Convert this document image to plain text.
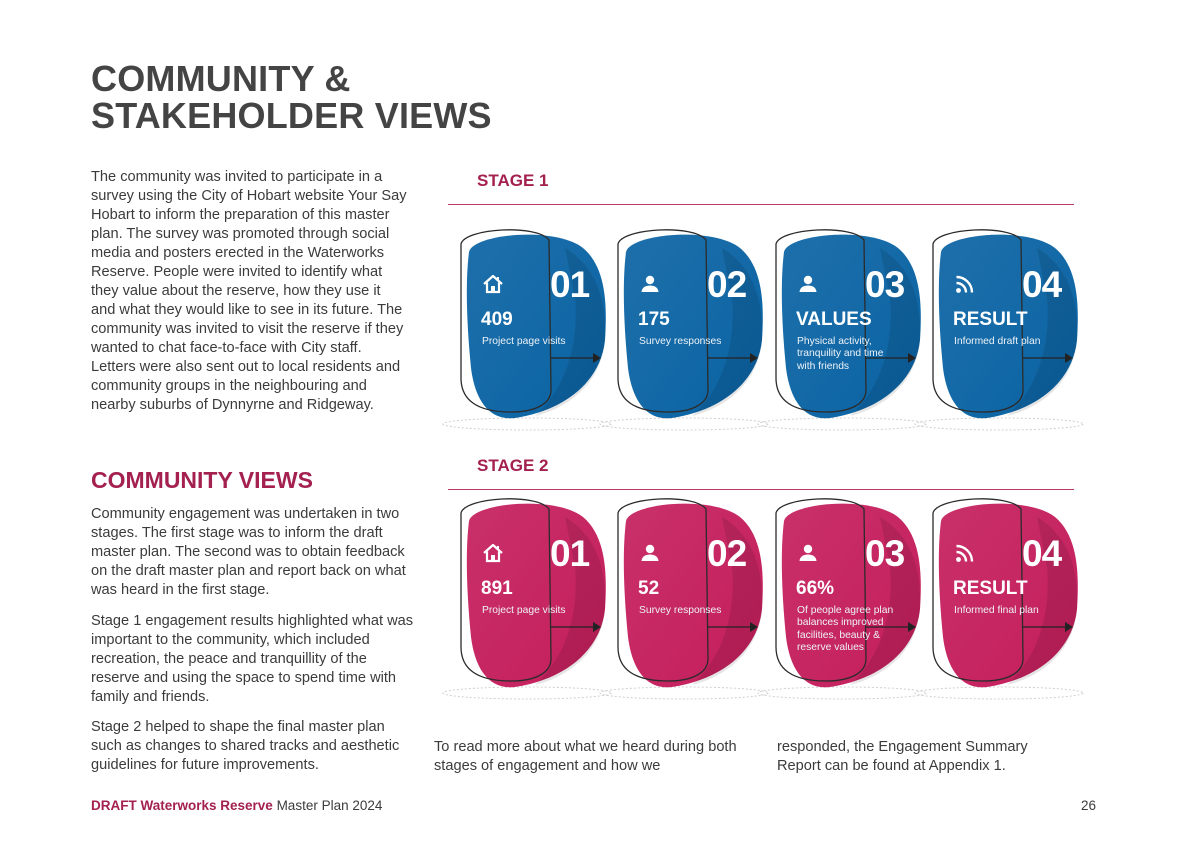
COMMUNITY &
STAKEHOLDER VIEWS

The community was invited to participate in a survey using the City of Hobart website Your Say Hobart to inform the preparation of this master plan. The survey was promoted through social media and posters erected in the Waterworks Reserve. People were invited to identify what they value about the reserve, how they use it and what they would like to see in its future. The community was invited to visit the reserve if they wanted to chat face-to-face with City staff. Letters were also sent out to local residents and community groups in the neighbouring and nearby suburbs of Dynnyrne and Ridgeway.

COMMUNITY VIEWS

Community engagement was undertaken in two stages. The first stage was to inform the draft master plan. The second was to obtain feedback on the draft master plan and report back on what was heard in the first stage.

Stage 1 engagement results highlighted what was important to the community, which included recreation, the peace and tranquillity of the reserve and using the space to spend time with family and friends.

Stage 2 helped to shape the final master plan such as changes to shared tracks and aesthetic guidelines for future improvements.

STAGE 1
STAGE 2
01
409
Project page visits
02
175
Survey responses
03
VALUES
Physical activity, tranquility and time with friends
04
RESULT
Informed draft plan
01
891
Project page visits
02
52
Survey responses
03
66%
Of people agree plan balances improved facilities, beauty & reserve values
04
RESULT
Informed final plan

To read more about what we heard during both stages of engagement and how we

responded, the Engagement Summary Report can be found at Appendix 1.

DRAFT Waterworks Reserve Master Plan 2024	26
